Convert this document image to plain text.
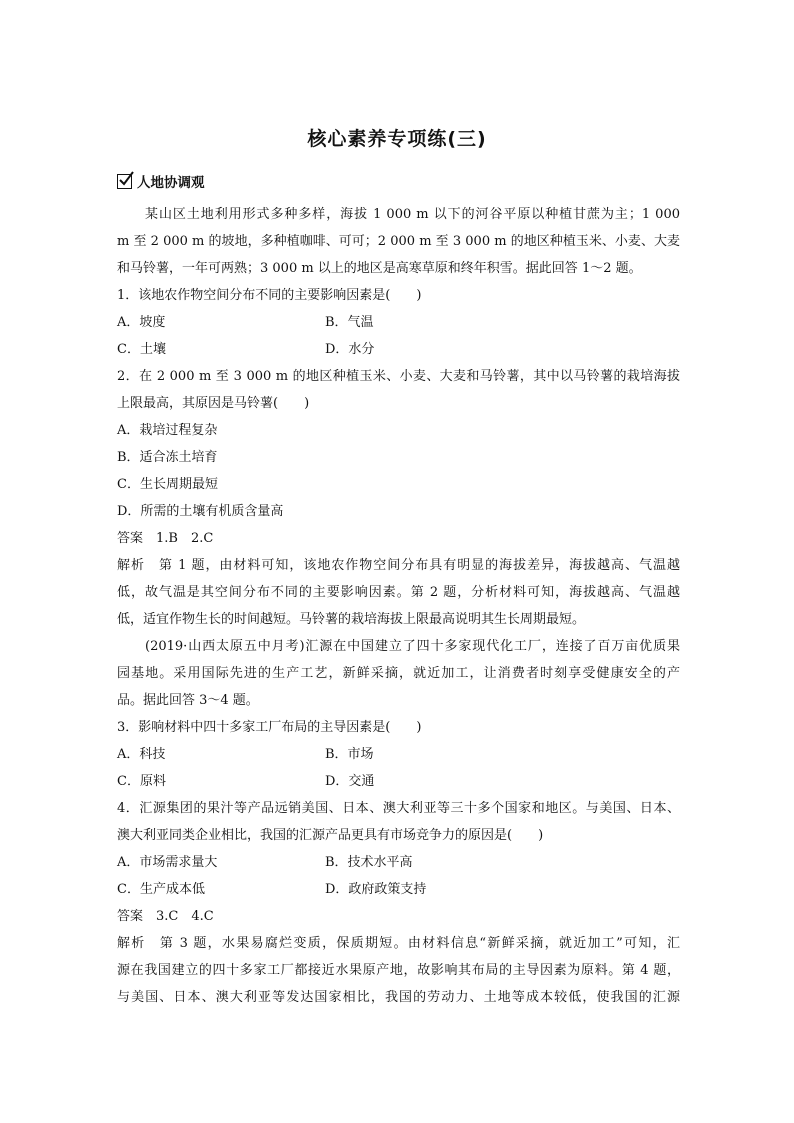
核心素养专项练(三)
人地协调观
某山区土地利用形式多种多样，海拔 1 000 m 以下的河谷平原以种植甘蔗为主；1 000
m 至 2 000 m 的坡地，多种植咖啡、可可；2 000 m 至 3 000 m 的地区种植玉米、小麦、大麦
和马铃薯，一年可两熟；3 000 m 以上的地区是高寒草原和终年积雪。据此回答 1～2 题。
1．该地农作物空间分布不同的主要影响因素是(　　)
A．坡度	B．气温
C．土壤	D．水分
2．在 2 000 m 至 3 000 m 的地区种植玉米、小麦、大麦和马铃薯，其中以马铃薯的栽培海拔
上限最高，其原因是马铃薯(　　)
A．栽培过程复杂
B．适合冻土培育
C．生长周期最短
D．所需的土壤有机质含量高
答案　1.B　2.C
解析　第 1 题，由材料可知，该地农作物空间分布具有明显的海拔差异，海拔越高、气温越
低，故气温是其空间分布不同的主要影响因素。第 2 题，分析材料可知，海拔越高、气温越
低，适宜作物生长的时间越短。马铃薯的栽培海拔上限最高说明其生长周期最短。
(2019·山西太原五中月考)汇源在中国建立了四十多家现代化工厂，连接了百万亩优质果
园基地。采用国际先进的生产工艺，新鲜采摘，就近加工，让消费者时刻享受健康安全的产
品。据此回答 3～4 题。
3．影响材料中四十多家工厂布局的主导因素是(　　)
A．科技	B．市场
C．原料	D．交通
4．汇源集团的果汁等产品远销美国、日本、澳大利亚等三十多个国家和地区。与美国、日本、
澳大利亚同类企业相比，我国的汇源产品更具有市场竞争力的原因是(　　)
A．市场需求量大	B．技术水平高
C．生产成本低	D．政府政策支持
答案　3.C　4.C
解析　第 3 题，水果易腐烂变质，保质期短。由材料信息“新鲜采摘，就近加工”可知，汇
源在我国建立的四十多家工厂都接近水果原产地，故影响其布局的主导因素为原料。第 4 题，
与美国、日本、澳大利亚等发达国家相比，我国的劳动力、土地等成本较低，使我国的汇源
